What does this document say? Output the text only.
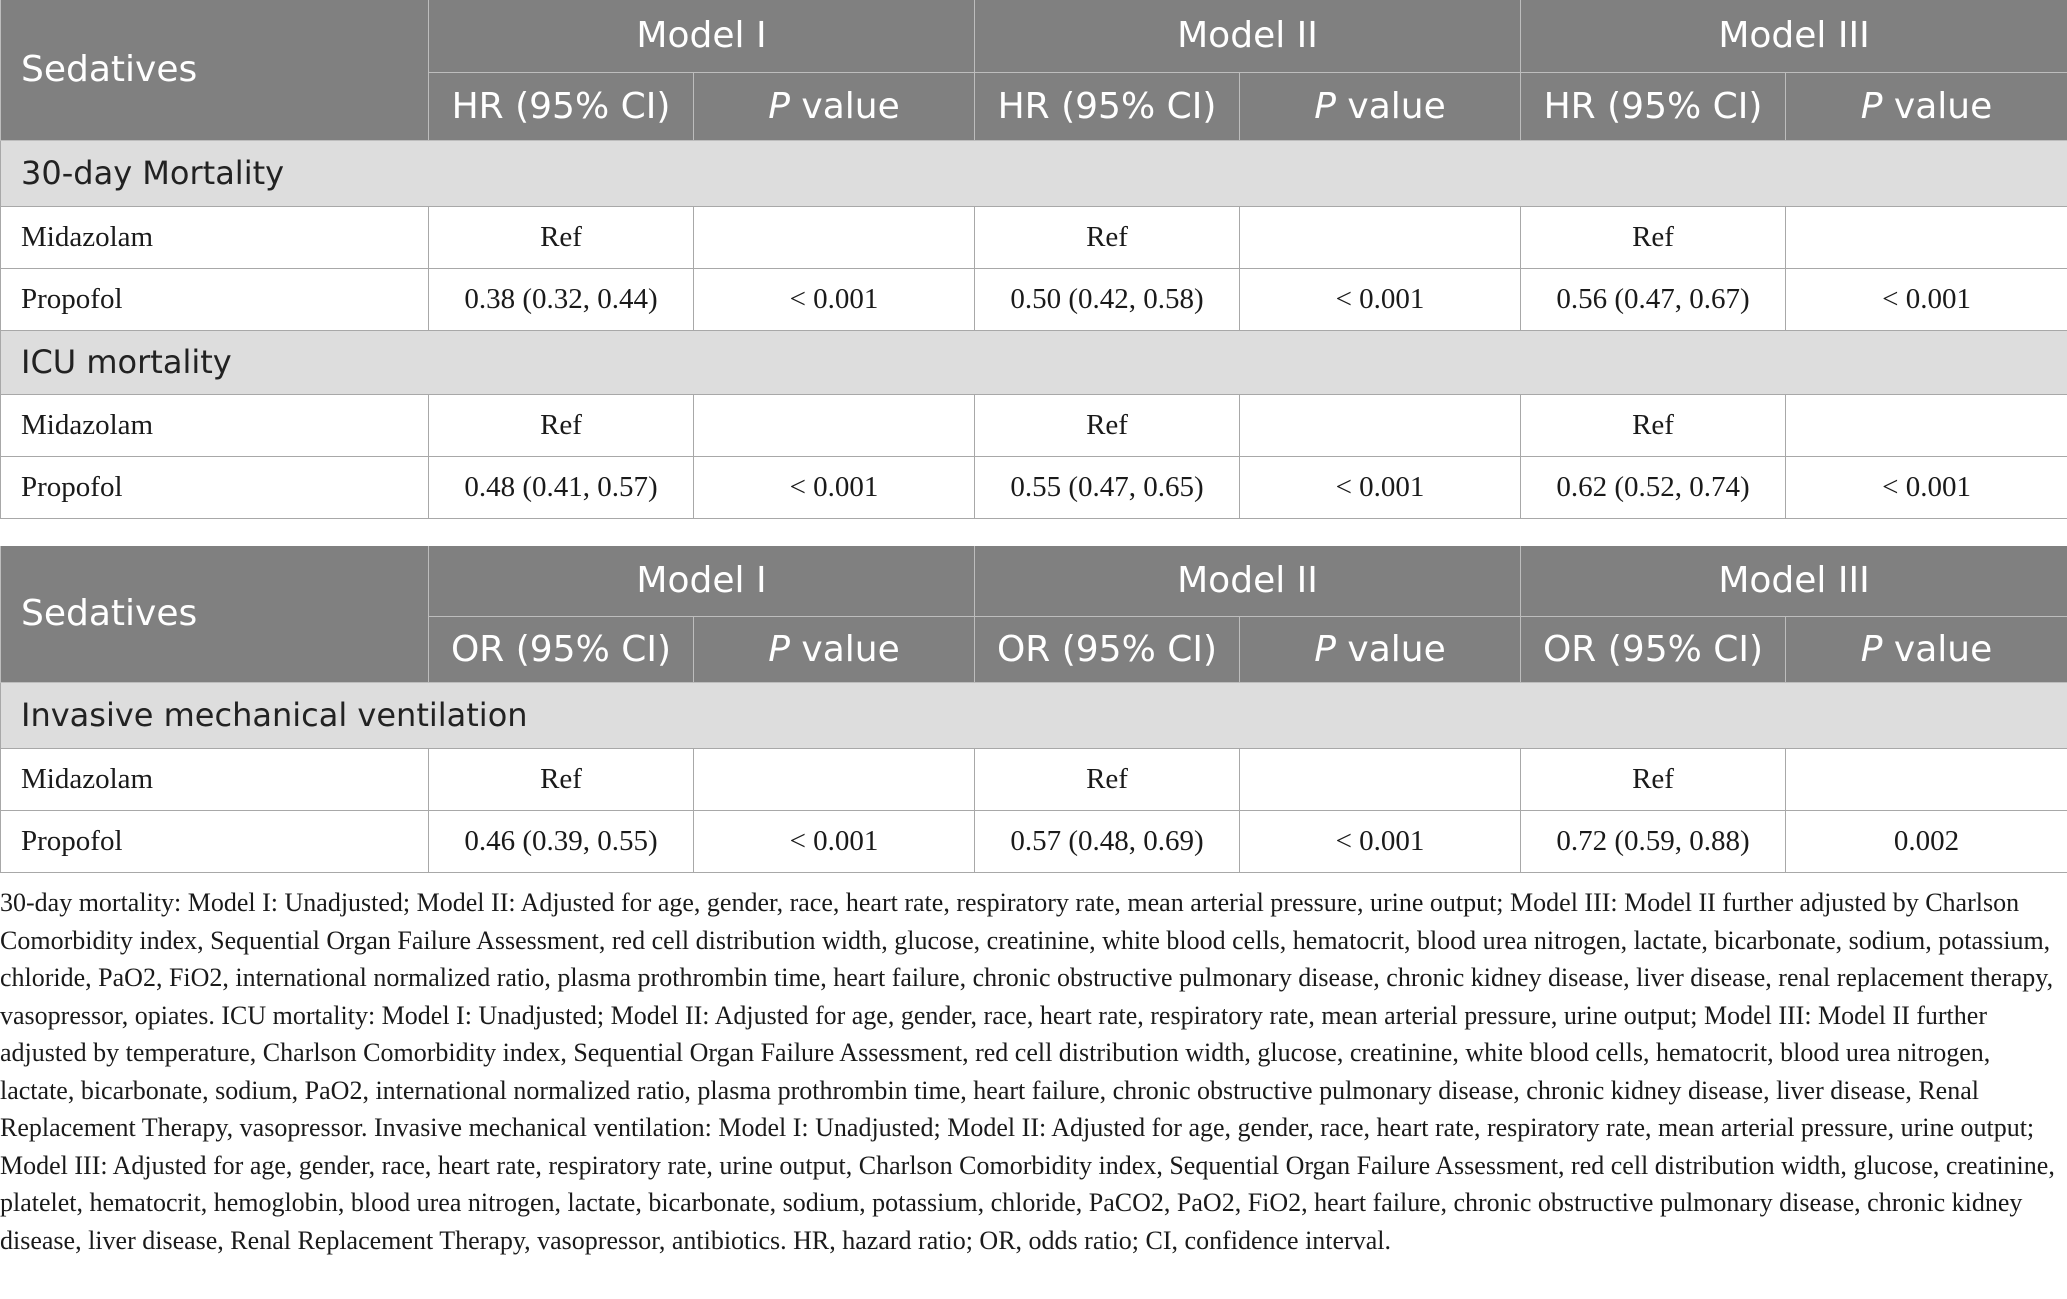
Sedatives	Model I		Model II		Model III	
	HR (95% CI)	P value	HR (95% CI)	P value	HR (95% CI)	P value
30-day Mortality						
Midazolam	Ref		Ref		Ref	
Propofol	0.38 (0.32, 0.44)	< 0.001	0.50 (0.42, 0.58)	< 0.001	0.56 (0.47, 0.67)	< 0.001
ICU mortality						
Midazolam	Ref		Ref		Ref	
Propofol	0.48 (0.41, 0.57)	< 0.001	0.55 (0.47, 0.65)	< 0.001	0.62 (0.52, 0.74)	< 0.001
Sedatives	Model I		Model II		Model III	
	OR (95% CI)	P value	OR (95% CI)	P value	OR (95% CI)	P value
Invasive mechanical ventilation						
Midazolam	Ref		Ref		Ref	
Propofol	0.46 (0.39, 0.55)	< 0.001	0.57 (0.48, 0.69)	< 0.001	0.72 (0.59, 0.88)	0.002

30-day mortality: Model I: Unadjusted; Model II: Adjusted for age, gender, race, heart rate, respiratory rate, mean arterial pressure, urine output; Model III: Model II further adjusted by Charlson Comorbidity index, Sequential Organ Failure Assessment, red cell distribution width, glucose, creatinine, white blood cells, hematocrit, blood urea nitrogen, lactate, bicarbonate, sodium, potassium, chloride, PaO2, FiO2, international normalized ratio, plasma prothrombin time, heart failure, chronic obstructive pulmonary disease, chronic kidney disease, liver disease, renal replacement therapy, vasopressor, opiates. ICU mortality: Model I: Unadjusted; Model II: Adjusted for age, gender, race, heart rate, respiratory rate, mean arterial pressure, urine output; Model III: Model II further adjusted by temperature, Charlson Comorbidity index, Sequential Organ Failure Assessment, red cell distribution width, glucose, creatinine, white blood cells, hematocrit, blood urea nitrogen, lactate, bicarbonate, sodium, PaO2, international normalized ratio, plasma prothrombin time, heart failure, chronic obstructive pulmonary disease, chronic kidney disease, liver disease, Renal Replacement Therapy, vasopressor. Invasive mechanical ventilation: Model I: Unadjusted; Model II: Adjusted for age, gender, race, heart rate, respiratory rate, mean arterial pressure, urine output; Model III: Adjusted for age, gender, race, heart rate, respiratory rate, urine output, Charlson Comorbidity index, Sequential Organ Failure Assessment, red cell distribution width, glucose, creatinine, platelet, hematocrit, hemoglobin, blood urea nitrogen, lactate, bicarbonate, sodium, potassium, chloride, PaCO2, PaO2, FiO2, heart failure, chronic obstructive pulmonary disease, chronic kidney disease, liver disease, Renal Replacement Therapy, vasopressor, antibiotics. HR, hazard ratio; OR, odds ratio; CI, confidence interval.
